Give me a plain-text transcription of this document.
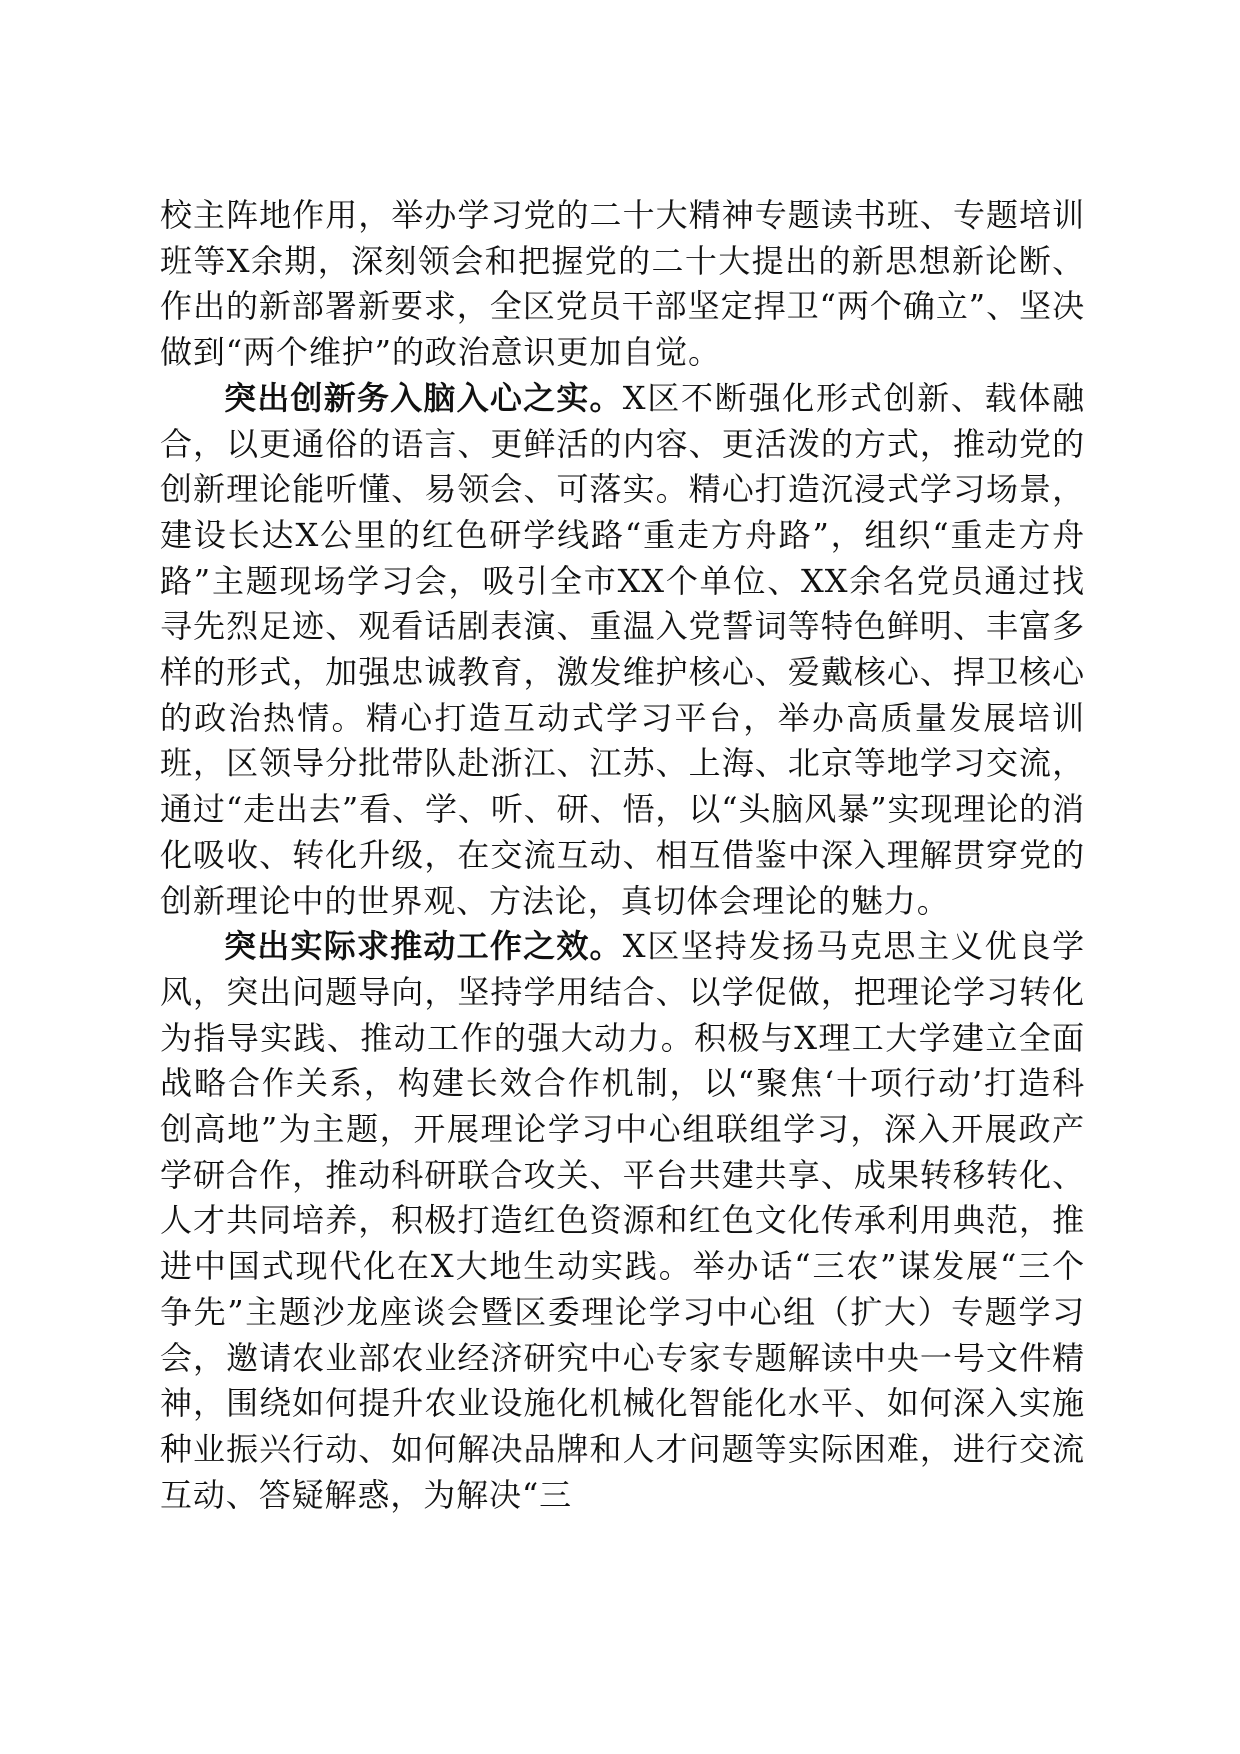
校主阵地作用，举办学习党的二十大精神专题读书班、专题培训班等X余期，深刻领会和把握党的二十大提出的新思想新论断、作出的新部署新要求，全区党员干部坚定捍卫“两个确立”、坚决做到“两个维护”的政治意识更加自觉。

突出创新务入脑入心之实。X区不断强化形式创新、载体融合，以更通俗的语言、更鲜活的内容、更活泼的方式，推动党的创新理论能听懂、易领会、可落实。精心打造沉浸式学习场景，建设长达X公里的红色研学线路“重走方舟路”，组织“重走方舟路”主题现场学习会，吸引全市XX个单位、XX余名党员通过找寻先烈足迹、观看话剧表演、重温入党誓词等特色鲜明、丰富多样的形式，加强忠诚教育，激发维护核心、爱戴核心、捍卫核心的政治热情。精心打造互动式学习平台，举办高质量发展培训班，区领导分批带队赴浙江、江苏、上海、北京等地学习交流，通过“走出去”看、学、听、研、悟，以“头脑风暴”实现理论的消化吸收、转化升级，在交流互动、相互借鉴中深入理解贯穿党的创新理论中的世界观、方法论，真切体会理论的魅力。

突出实际求推动工作之效。X区坚持发扬马克思主义优良学风，突出问题导向，坚持学用结合、以学促做，把理论学习转化为指导实践、推动工作的强大动力。积极与X理工大学建立全面战略合作关系，构建长效合作机制，以“聚焦‘十项行动’打造科创高地”为主题，开展理论学习中心组联组学习，深入开展政产学研合作，推动科研联合攻关、平台共建共享、成果转移转化、人才共同培养，积极打造红色资源和红色文化传承利用典范，推进中国式现代化在X大地生动实践。举办话“三农”谋发展“三个争先”主题沙龙座谈会暨区委理论学习中心组（扩大）专题学习会，邀请农业部农业经济研究中心专家专题解读中央一号文件精神，围绕如何提升农业设施化机械化智能化水平、如何深入实施种业振兴行动、如何解决品牌和人才问题等实际困难，进行交流互动、答疑解惑，为解决“三
